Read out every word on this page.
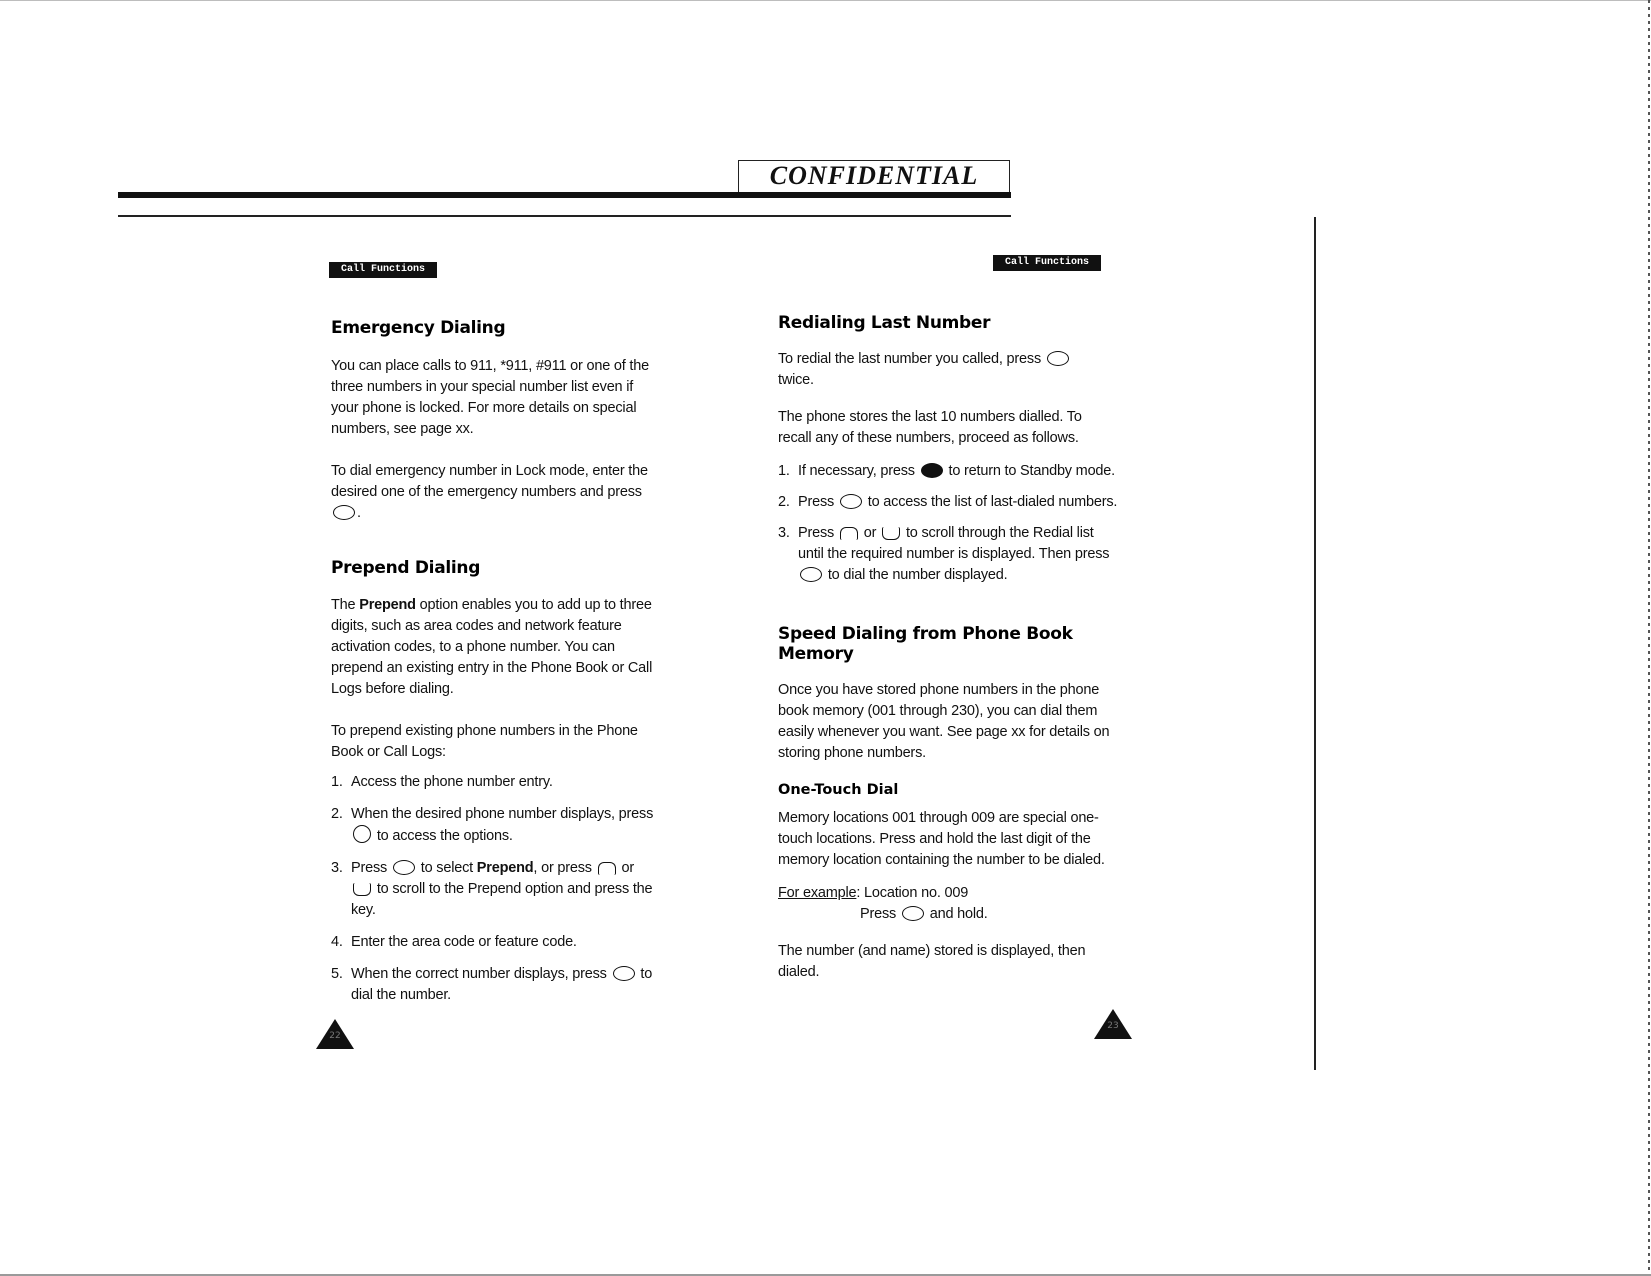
CONFIDENTIAL
Call Functions
Call Functions
Emergency Dialing

You can place calls to 911, *911, #911 or one of the three numbers in your special number list even if your phone is locked. For more details on special numbers, see page xx.

To dial emergency number in Lock mode, enter the desired one of the emergency numbers and press
.

Prepend Dialing

The Prepend option enables you to add up to three digits, such as area codes and network feature activation codes, to a phone number. You can prepend an existing entry in the Phone Book or Call Logs before dialing.

To prepend existing phone numbers in the Phone Book or Call Logs:

1. Access the phone number entry.
2. When the desired phone number displays, press
to access the options.
3. Press to select Prepend, or press or
to scroll to the Prepend option and press the key.
4. Enter the area code or feature code.
5. When the correct number displays, press to dial the number.
22
Redialing Last Number

To redial the last number you called, press
twice.

The phone stores the last 10 numbers dialled. To recall any of these numbers, proceed as follows.

1. If necessary, press to return to Standby mode.
2. Press to access the list of last-dialed numbers.
3. Press or to scroll through the Redial list until the required number is displayed. Then press
to dial the number displayed.
Speed Dialing from Phone Book Memory

Once you have stored phone numbers in the phone book memory (001 through 230), you can dial them easily whenever you want. See page xx for details on storing phone numbers.

One-Touch Dial

Memory locations 001 through 009 are special one-touch locations. Press and hold the last digit of the memory location containing the number to be dialed.

For example: Location no. 009

Press and hold.

The number (and name) stored is displayed, then dialed.

23
